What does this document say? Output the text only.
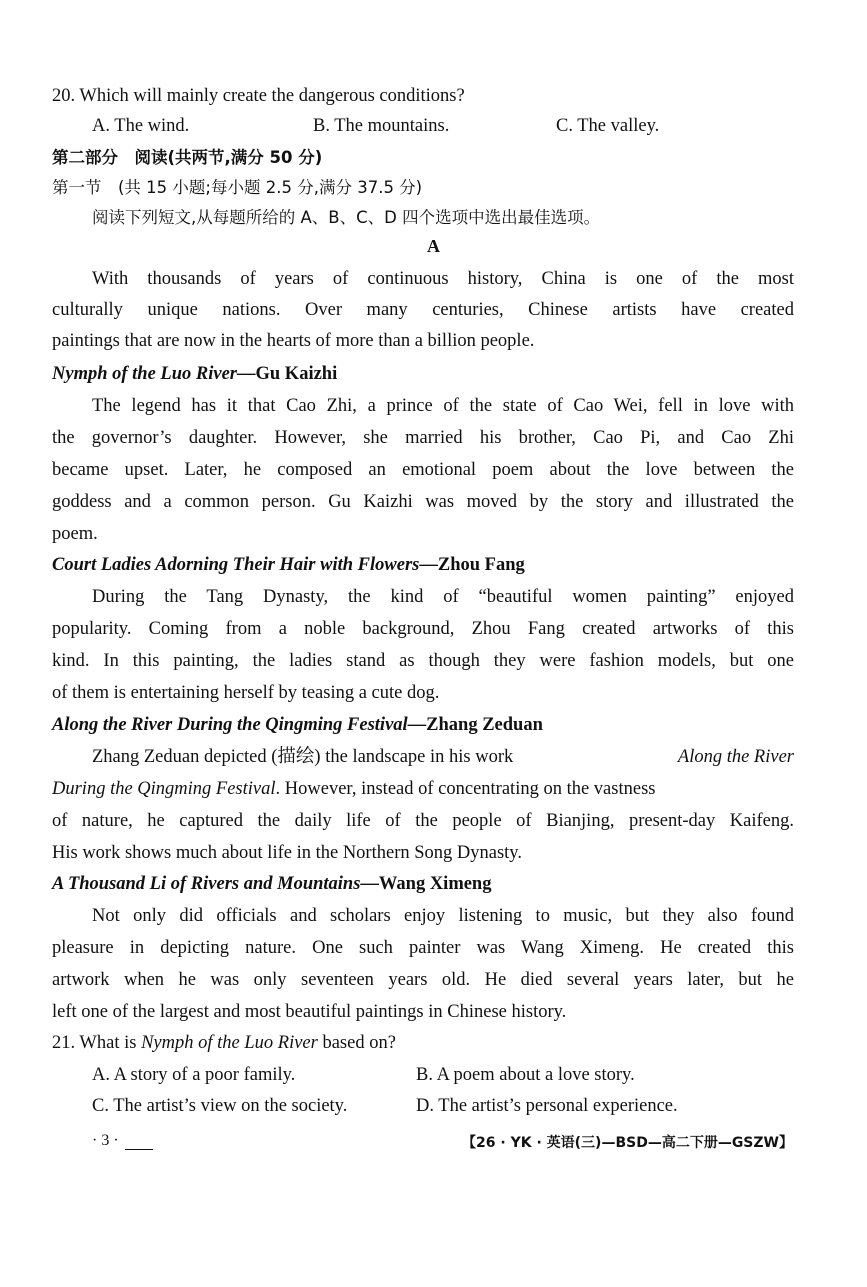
20. Which will mainly create the dangerous conditions?
A. The wind.	B. The mountains.	C. The valley.
第二部分　阅读(共两节,满分 50 分)
第一节　(共 15 小题;每小题 2.5 分,满分 37.5 分)
阅读下列短文,从每题所给的 A、B、C、D 四个选项中选出最佳选项。
A
With thousands of years of continuous history, China is one of the most
culturally unique nations. Over many centuries, Chinese artists have created
paintings that are now in the hearts of more than a billion people.
Nymph of the Luo River—Gu Kaizhi
The legend has it that Cao Zhi, a prince of the state of Cao Wei, fell in love with
the governor’s daughter. However, she married his brother, Cao Pi, and Cao Zhi
became upset. Later, he composed an emotional poem about the love between the
goddess and a common person. Gu Kaizhi was moved by the story and illustrated the
poem.
Court Ladies Adorning Their Hair with Flowers—Zhou Fang
During the Tang Dynasty, the kind of “beautiful women painting” enjoyed
popularity. Coming from a noble background, Zhou Fang created artworks of this
kind. In this painting, the ladies stand as though they were fashion models, but one
of them is entertaining herself by teasing a cute dog.
Along the River During the Qingming Festival—Zhang Zeduan
Zhang Zeduan depicted (描绘) the landscape in his work	Along the River
During the Qingming Festival. However, instead of concentrating on the vastness
of nature, he captured the daily life of the people of Bianjing, present-day Kaifeng.
His work shows much about life in the Northern Song Dynasty.
A Thousand Li of Rivers and Mountains—Wang Ximeng
Not only did officials and scholars enjoy listening to music, but they also found
pleasure in depicting nature. One such painter was Wang Ximeng. He created this
artwork when he was only seventeen years old. He died several years later, but he
left one of the largest and most beautiful paintings in Chinese history.
21. What is Nymph of the Luo River based on?
A. A story of a poor family.	B. A poem about a love story.
C. The artist’s view on the society.	D. The artist’s personal experience.
· 3 ·	【26 · YK · 英语(三)—BSD—高二下册—GSZW】
